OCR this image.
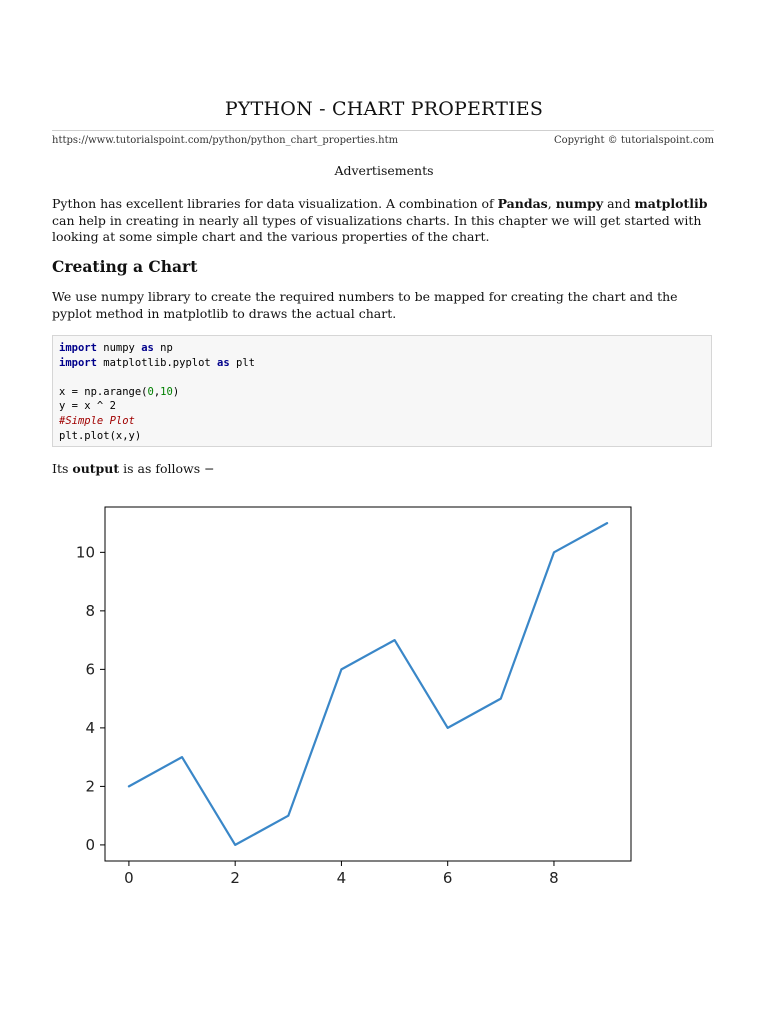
PYTHON - CHART PROPERTIES
https://www.tutorialspoint.com/python/python_chart_properties.htm	Copyright © tutorialspoint.com
Advertisements
Python has excellent libraries for data visualization. A combination of Pandas, numpy and matplotlib can help in creating in nearly all types of visualizations charts. In this chapter we will get started with looking at some simple chart and the various properties of the chart.
Creating a Chart
We use numpy library to create the required numbers to be mapped for creating the chart and the pyplot method in matplotlib to draws the actual chart.
import numpy as np
import matplotlib.pyplot as plt
x = np.arange(0,10)
y = x ^ 2
#Simple Plot
plt.plot(x,y)
Its output is as follows −
0	2	4	6	8
0
2
4
6
8
10
